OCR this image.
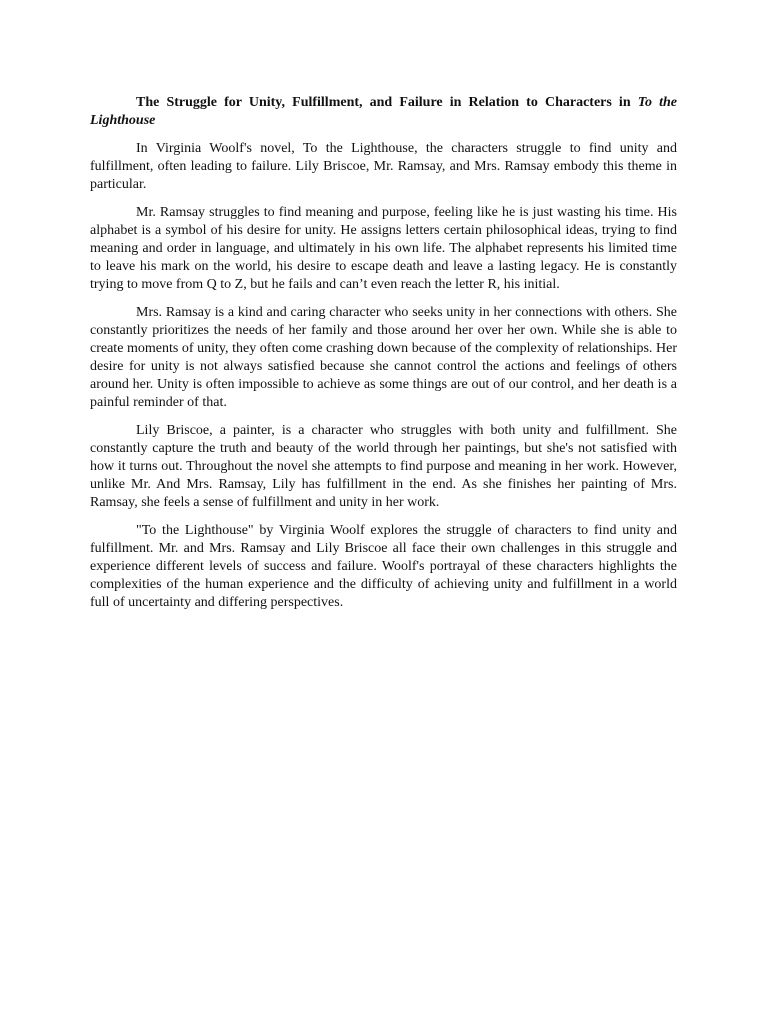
The Struggle for Unity, Fulfillment, and Failure in Relation to Characters in To the Lighthouse

In Virginia Woolf's novel, To the Lighthouse, the characters struggle to find unity and fulfillment, often leading to failure. Lily Briscoe, Mr. Ramsay, and Mrs. Ramsay embody this theme in particular.

Mr. Ramsay struggles to find meaning and purpose, feeling like he is just wasting his time. His alphabet is a symbol of his desire for unity. He assigns letters certain philosophical ideas, trying to find meaning and order in language, and ultimately in his own life. The alphabet represents his limited time to leave his mark on the world, his desire to escape death and leave a lasting legacy. He is constantly trying to move from Q to Z, but he fails and can’t even reach the letter R, his initial.

Mrs. Ramsay is a kind and caring character who seeks unity in her connections with others. She constantly prioritizes the needs of her family and those around her over her own. While she is able to create moments of unity, they often come crashing down because of the complexity of relationships. Her desire for unity is not always satisfied because she cannot control the actions and feelings of others around her. Unity is often impossible to achieve as some things are out of our control, and her death is a painful reminder of that.

Lily Briscoe, a painter, is a character who struggles with both unity and fulfillment. She constantly capture the truth and beauty of the world through her paintings, but she's not satisfied with how it turns out. Throughout the novel she attempts to find purpose and meaning in her work. However, unlike Mr. And Mrs. Ramsay, Lily has fulfillment in the end. As she finishes her painting of Mrs. Ramsay, she feels a sense of fulfillment and unity in her work.

"To the Lighthouse" by Virginia Woolf explores the struggle of characters to find unity and fulfillment. Mr. and Mrs. Ramsay and Lily Briscoe all face their own challenges in this struggle and experience different levels of success and failure. Woolf's portrayal of these characters highlights the complexities of the human experience and the difficulty of achieving unity and fulfillment in a world full of uncertainty and differing perspectives.
